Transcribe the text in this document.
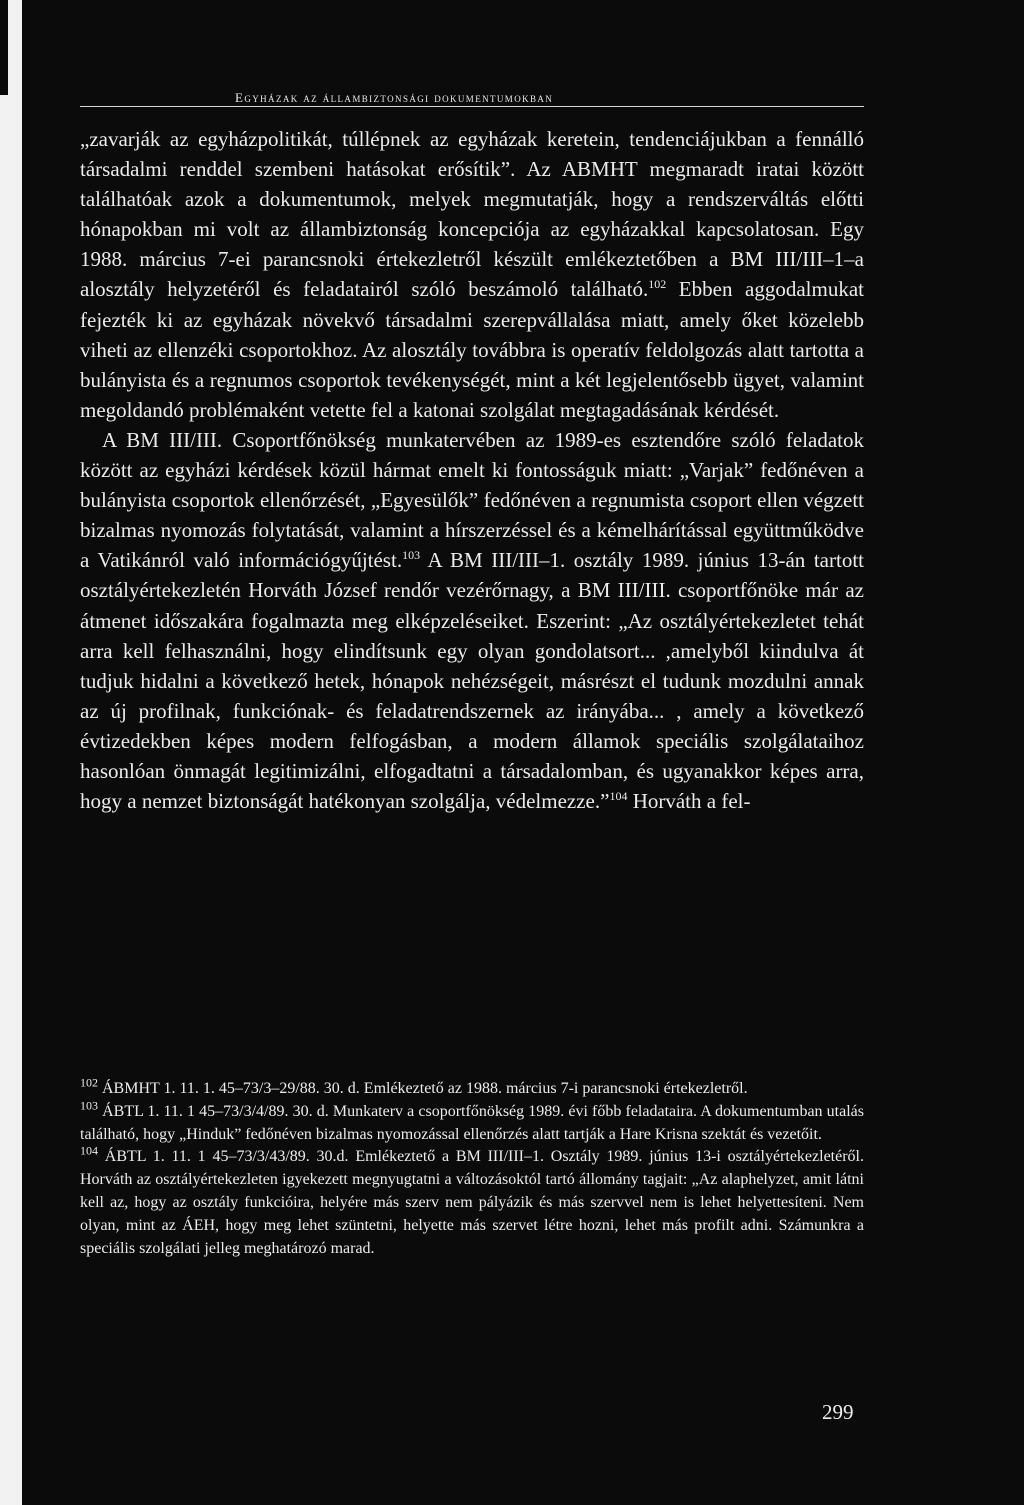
Egyházak az állambiztonsági dokumentumokban

„zavarják az egyházpolitikát, túllépnek az egyházak keretein, tendenciájukban a fennálló társadalmi renddel szembeni hatásokat erősítik”. Az ABMHT megmaradt iratai között találhatóak azok a dokumentumok, melyek megmutatják, hogy a rendszerváltás előtti hónapokban mi volt az állambiztonság koncepciója az egyházakkal kapcsolatosan. Egy 1988. március 7-ei parancsnoki értekezletről készült emlékeztetőben a BM III/III–1–a alosztály helyzetéről és feladatairól szóló beszámoló található.$^{102}$ Ebben aggodalmukat fejezték ki az egyházak növekvő társadalmi szerepvállalása miatt, amely őket közelebb viheti az ellenzéki csoportokhoz. Az alosztály továbbra is operatív feldolgozás alatt tartotta a bulányista és a regnumos csoportok tevékenységét, mint a két legjelentősebb ügyet, valamint megoldandó problémaként vetette fel a katonai szolgálat megtagadásának kérdését.

A BM III/III. Csoportfőnökség munkatervében az 1989-es esztendőre szóló feladatok között az egyházi kérdések közül hármat emelt ki fontosságuk miatt: „Varjak” fedőnéven a bulányista csoportok ellenőrzését, „Egyesülők” fedőnéven a regnumista csoport ellen végzett bizalmas nyomozás folytatását, valamint a hírszerzéssel és a kémelhárítással együttműködve a Vatikánról való információgyűjtést.$^{103}$ A BM III/III–1. osztály 1989. június 13-án tartott osztályértekezletén Horváth József rendőr vezérőrnagy, a BM III/III. csoportfőnöke már az átmenet időszakára fogalmazta meg elképzeléseiket. Eszerint: „Az osztályértekezletet tehát arra kell felhasználni, hogy elindítsunk egy olyan gondolatsort... ,amelyből kiindulva át tudjuk hidalni a következő hetek, hónapok nehézségeit, másrészt el tudunk mozdulni annak az új profilnak, funkciónak- és feladatrendszernek az irányába... , amely a következő évtizedekben képes modern felfogásban, a modern államok speciális szolgálataihoz hasonlóan önmagát legitimizálni, elfogadtatni a társadalomban, és ugyanakkor képes arra, hogy a nemzet biztonságát hatékonyan szolgálja, védelmezze.”$^{104}$ Horváth a fel-

$^{102}$ ÁBMHT 1. 11. 1. 45–73/3–29/88. 30. d. Emlékeztető az 1988. március 7-i parancsnoki értekezletről.

$^{103}$ ÁBTL 1. 11. 1 45–73/3/4/89. 30. d. Munkaterv a csoportfőnökség 1989. évi főbb feladataira. A dokumentumban utalás található, hogy „Hinduk” fedőnéven bizalmas nyomozással ellenőrzés alatt tartják a Hare Krisna szektát és vezetőit.

$^{104}$ ÁBTL 1. 11. 1 45–73/3/43/89. 30.d. Emlékeztető a BM III/III–1. Osztály 1989. június 13-i osztályértekezletéről. Horváth az osztályértekezleten igyekezett megnyugtatni a változásoktól tartó állomány tagjait: „Az alaphelyzet, amit látni kell az, hogy az osztály funkcióira, helyére más szerv nem pályázik és más szervvel nem is lehet helyettesíteni. Nem olyan, mint az ÁEH, hogy meg lehet szüntetni, helyette más szervet létre hozni, lehet más profilt adni. Számunkra a speciális szolgálati jelleg meghatározó marad.

299
